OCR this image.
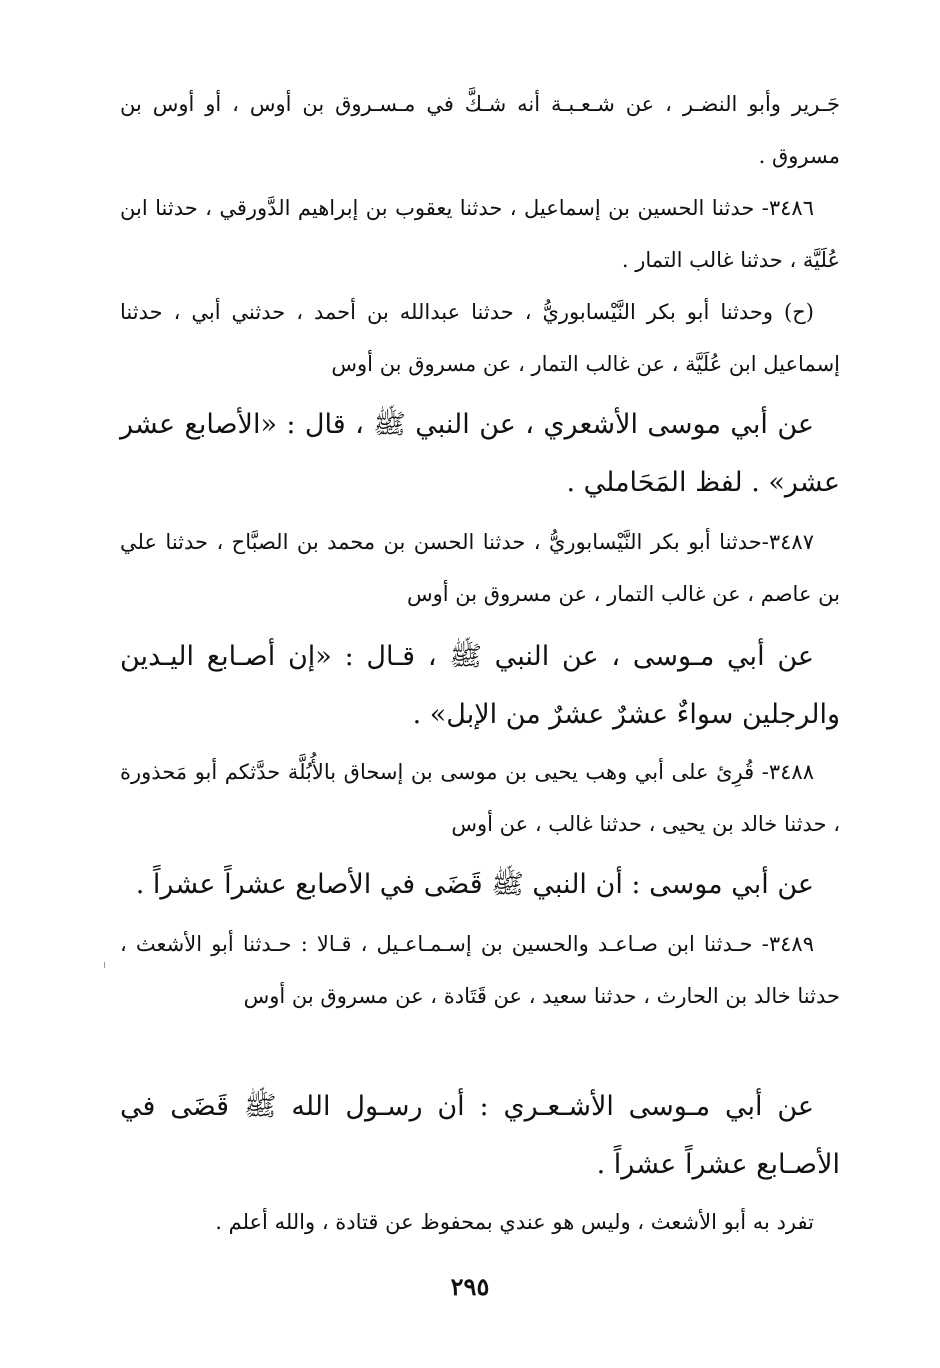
جَـرير وأبو النضـر ، عن شـعـبـة أنه شـكَّ في مـسـروق بن أوس ، أو أوس بن مسروق .
٣٤٨٦- حدثنا الحسين بن إسماعيل ، حدثنا يعقوب بن إبراهيم الدَّورقي ، حدثنا ابن عُلَيَّة ، حدثنا غالب التمار .
(ح) وحدثنا أبو بكر النَّيْسابوريُّ ، حدثنا عبدالله بن أحمد ، حدثني أبي ، حدثنا إسماعيل ابن عُلَيَّة ، عن غالب التمار ، عن مسروق بن أوس
عن أبي موسى الأشعري ، عن النبي ﷺ ، قال : «الأصابع عشر عشر» . لفظ المَحَاملي .
٣٤٨٧-حدثنا أبو بكر النَّيْسابوريُّ ، حدثنا الحسن بن محمد بن الصبَّاح ، حدثنا علي بن عاصم ، عن غالب التمار ، عن مسروق بن أوس
عن أبي مـوسى ، عن النبي ﷺ ، قـال : «إن أصـابع اليـدين والرجلين سواءٌ عشرٌ عشرٌ من الإبل» .
٣٤٨٨- قُرِئ على أبي وهب يحيى بن موسى بن إسحاق بالأُبُلَّة حدَّثكم أبو مَحذورة ، حدثنا خالد بن يحيى ، حدثنا غالب ، عن أوس
عن أبي موسى : أن النبي ﷺ قَضَى في الأصابع عشراً عشراً .
٣٤٨٩- حـدثنا ابن صـاعـد والحسين بن إسـمـاعـيل ، قـالا : حـدثنا أبو الأشعث ، حدثنا خالد بن الحارث ، حدثنا سعيد ، عن قَتَادة ، عن مسروق بن أوس
عن أبي مـوسى الأشـعـري : أن رسـول الله ﷺ قَضَى في الأصـابع عشراً عشراً .
تفرد به أبو الأشعث ، وليس هو عندي بمحفوظ عن قتادة ، والله أعلم .
٢٩٥
